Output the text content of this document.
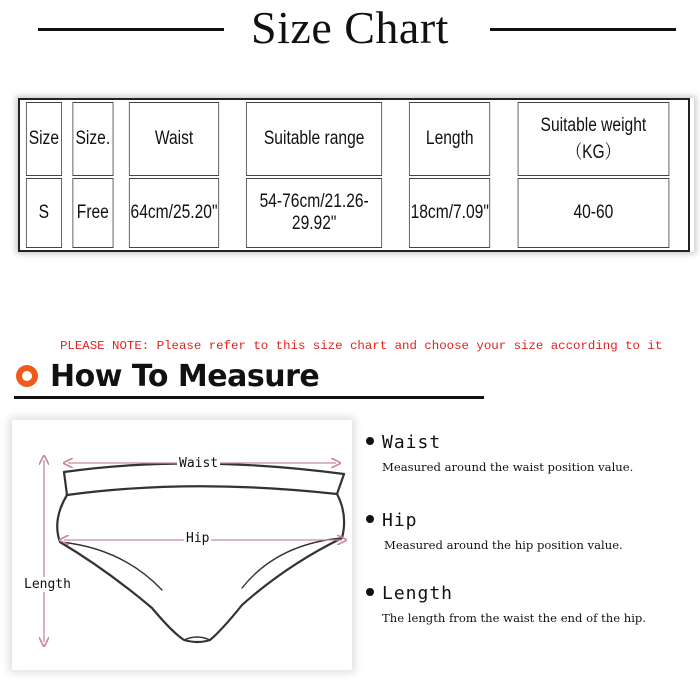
Size Chart
Size	Size.	Waist	Suitable range	Length	Suitable weight（KG）
S	Free	64cm/25.20"	54-76cm/21.26-29.92"	18cm/7.09"	40-60
PLEASE NOTE: Please refer to this size chart and choose your size according to it
How To Measure
Waist
Hip
Length
Waist
Measured around the waist position value.
Hip
Measured around the hip position value.
Length
The length from the waist the end of the hip.
